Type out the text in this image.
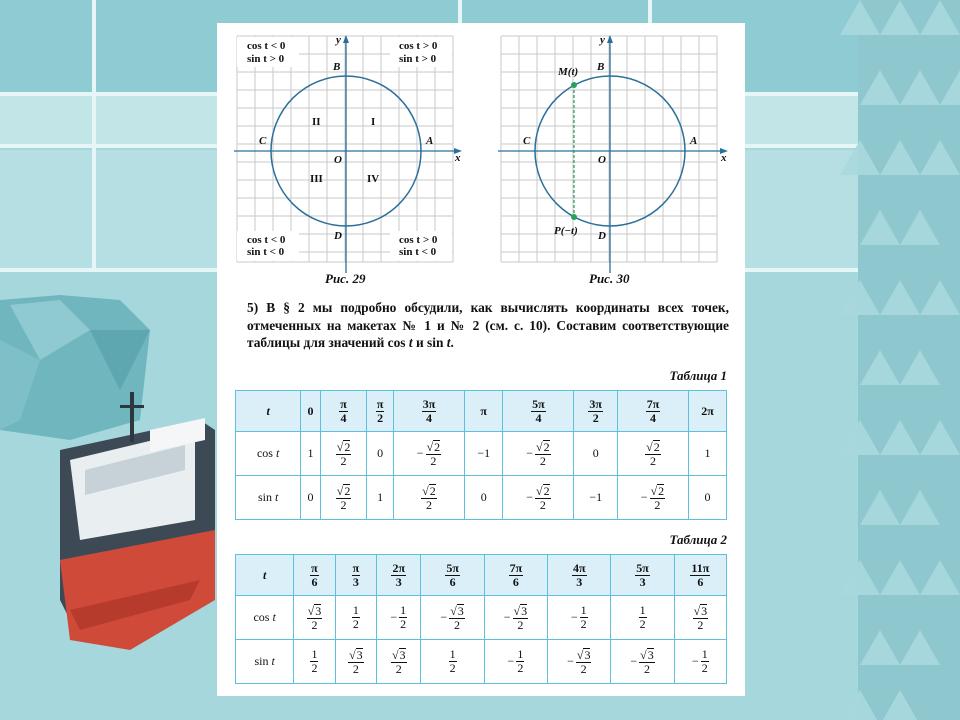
y
x
B
C	A
O
D
I
II
III	IV
cos t < 0
sin t > 0
cos t > 0
sin t > 0
cos t < 0
sin t < 0
cos t > 0
sin t < 0
Рис. 29
y
x
B
C	A
O
D
M(t)
P(−t)
Рис. 30
5) В § 2 мы подробно обсудили, как вычислять координаты всех точек, отмеченных на макетах № 1 и № 2 (см. с. 10). Составим соответствующие таблицы для значений cos t и sin t.
Таблица 1
t	0	$\frac{\pi}{4}$	$\frac{\pi}{2}$	$\frac{3\pi}{4}$	π	$\frac{5\pi}{4}$	$\frac{3\pi}{2}$	$\frac{7\pi}{4}$	2π
cos t	1	$\frac{√2}{2}$	0	− $\frac{√2}{2}$	−1	− $\frac{√2}{2}$	0	$\frac{√2}{2}$	1
sin t	0	$\frac{√2}{2}$	1	$\frac{√2}{2}$	0	− $\frac{√2}{2}$	−1	− $\frac{√2}{2}$	0
Таблица 2
t	$\frac{\pi}{6}$	$\frac{\pi}{3}$	$\frac{2\pi}{3}$	$\frac{5\pi}{6}$	$\frac{7\pi}{6}$	$\frac{4\pi}{3}$	$\frac{5\pi}{3}$	$\frac{11\pi}{6}$

cos t	$\frac{√3}{2}$	$\frac{1}{2}$	− $\frac{1}{2}$	− $\frac{√3}{2}$	− $\frac{√3}{2}$	− $\frac{1}{2}$	$\frac{1}{2}$	$\frac{√3}{2}$

sin t	$\frac{1}{2}$	$\frac{√3}{2}$	$\frac{√3}{2}$	$\frac{1}{2}$	− $\frac{1}{2}$	− $\frac{√3}{2}$	− $\frac{√3}{2}$	− $\frac{1}{2}$
